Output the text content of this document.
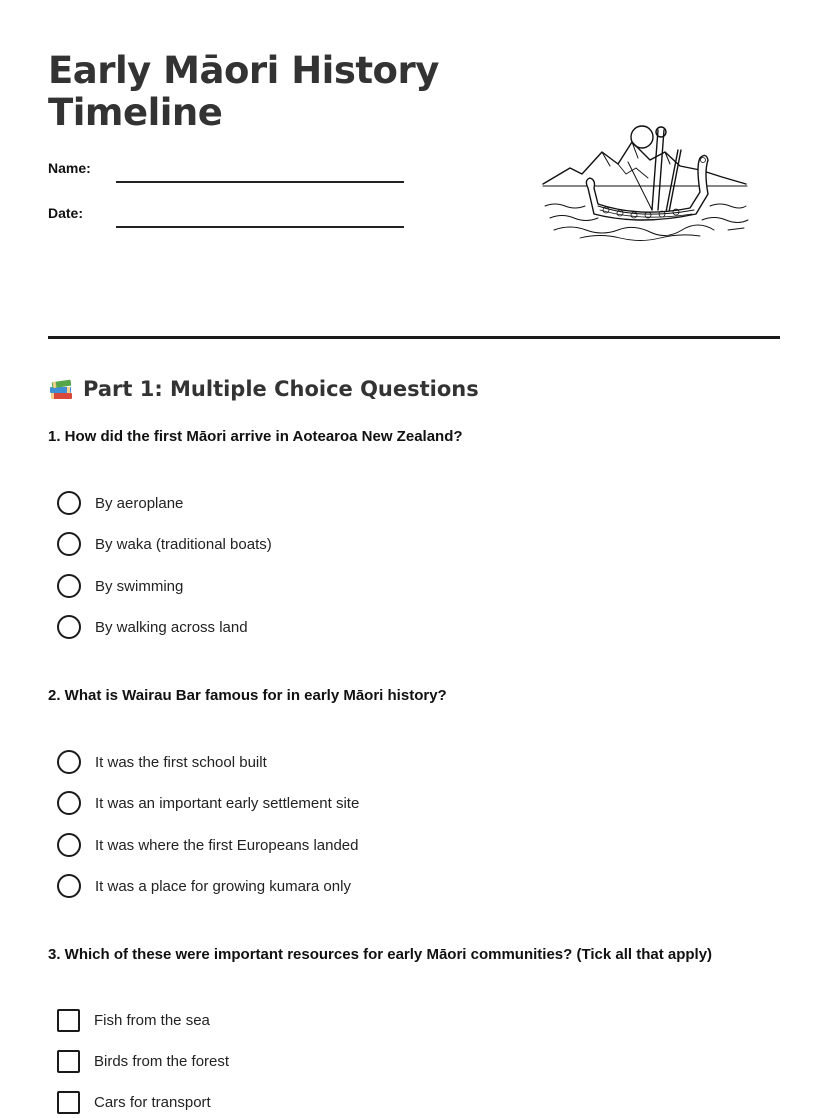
Early Māori History
Timeline
Name:
Date:
Part 1: Multiple Choice Questions

1. How did the first Māori arrive in Aotearoa New Zealand?

By aeroplane
By waka (traditional boats)
By swimming
By walking across land

2. What is Wairau Bar famous for in early Māori history?

It was the first school built
It was an important early settlement site
It was where the first Europeans landed
It was a place for growing kumara only

3. Which of these were important resources for early Māori communities? (Tick all that apply)

Fish from the sea
Birds from the forest
Cars for transport
